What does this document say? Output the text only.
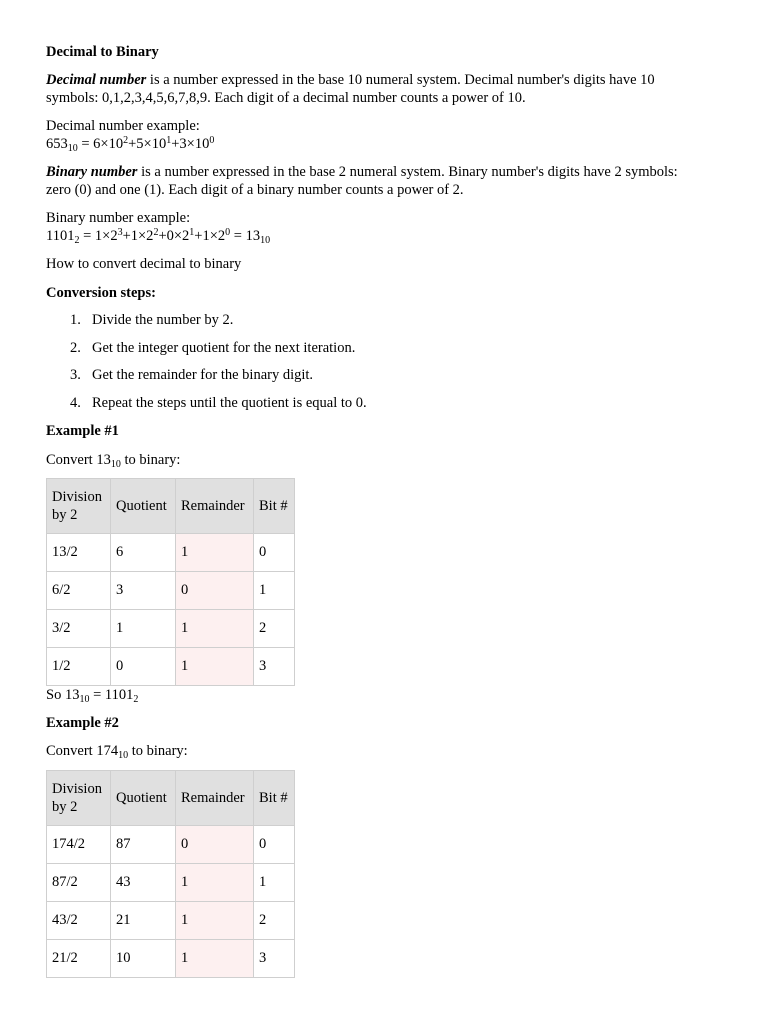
Decimal to Binary
Decimal number is a number expressed in the base 10 numeral system. Decimal number's digits have 10
symbols: 0,1,2,3,4,5,6,7,8,9. Each digit of a decimal number counts a power of 10.
Decimal number example:
$653_{10} = 6\times 10^2+5\times 10^1+3\times 10^0$
Binary number is a number expressed in the base 2 numeral system. Binary number's digits have 2 symbols:
zero (0) and one (1). Each digit of a binary number counts a power of 2.
Binary number example:
$1101_2 = 1\times 2^3+1\times 2^2+0\times 2^1+1\times 2^0 = 13_{10}$
How to convert decimal to binary
Conversion steps:
1. Divide the number by 2.
2. Get the integer quotient for the next iteration.
3. Get the remainder for the binary digit.
4. Repeat the steps until the quotient is equal to 0.
Example #1
Convert $13_{10}$ to binary:
Division by 2	Quotient	Remainder	Bit #
13/2	6	1	0
6/2	3	0	1
3/2	1	1	2
1/2	0	1	3
So $13_{10} = 1101_2$
Example #2
Convert $174_{10}$ to binary:
Division by 2	Quotient	Remainder	Bit #
174/2	87	0	0
87/2	43	1	1
43/2	21	1	2
21/2	10	1	3
